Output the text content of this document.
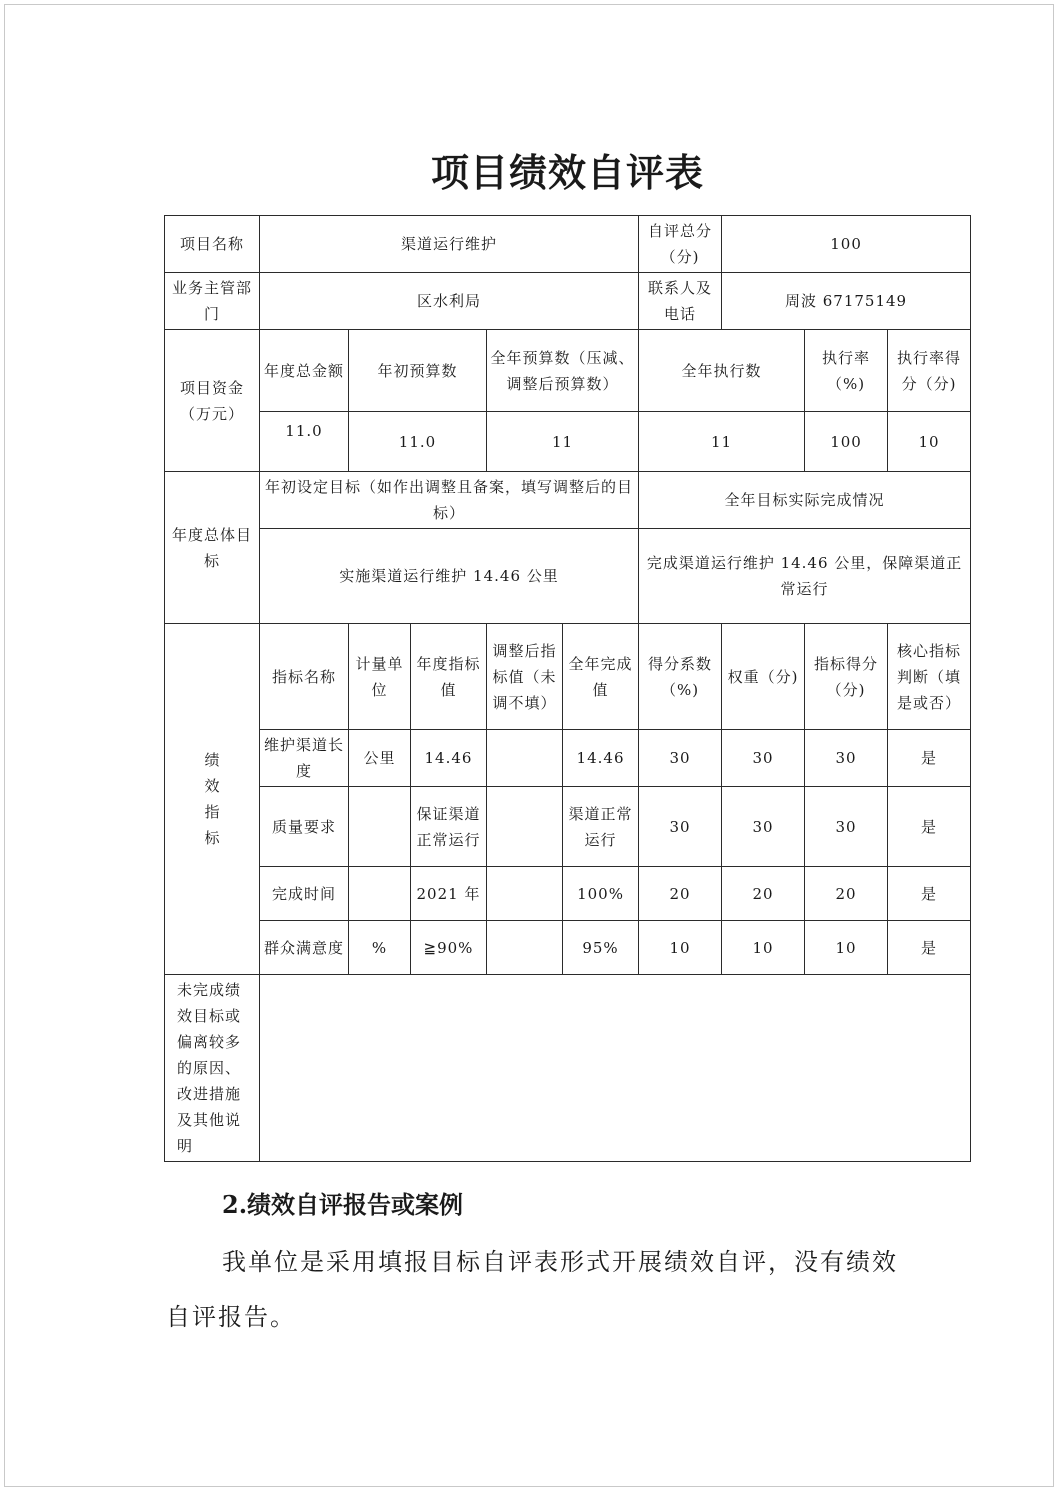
项目绩效自评表
项目名称	渠道运行维护					自评总分（分)	100		
业务主管部门	区水利局					联系人及电话	周波 67175149		
项目资金（万元）	年度总金额	年初预算数		全年预算数（压减、调整后预算数）		全年执行数		执行率（%)	执行率得分（分)
	11.0	11.0		11		11		100	10
年度总体目标	年初设定目标（如作出调整且备案，填写调整后的目标）					全年目标实际完成情况			
	实施渠道运行维护 14.46 公里					完成渠道运行维护 14.46 公里，保障渠道正常运行			

绩效指标	指标名称	计量单位	年度指标值	调整后指标值（未调不填）	全年完成值	得分系数（%)	权重（分)	指标得分（分)	核心指标判断（填是或否）
	维护渠道长度	公里	14.46		14.46	30	30	30	是
	质量要求		保证渠道正常运行		渠道正常运行	30	30	30	是
	完成时间		2021 年		100%	20	20	20	是
	群众满意度	%	≧90%		95%	10	10	10	是
未完成绩效目标或偏离较多的原因、改进措施及其他说明									
2.绩效自评报告或案例
我单位是采用填报目标自评表形式开展绩效自评，没有绩效自评报告。
